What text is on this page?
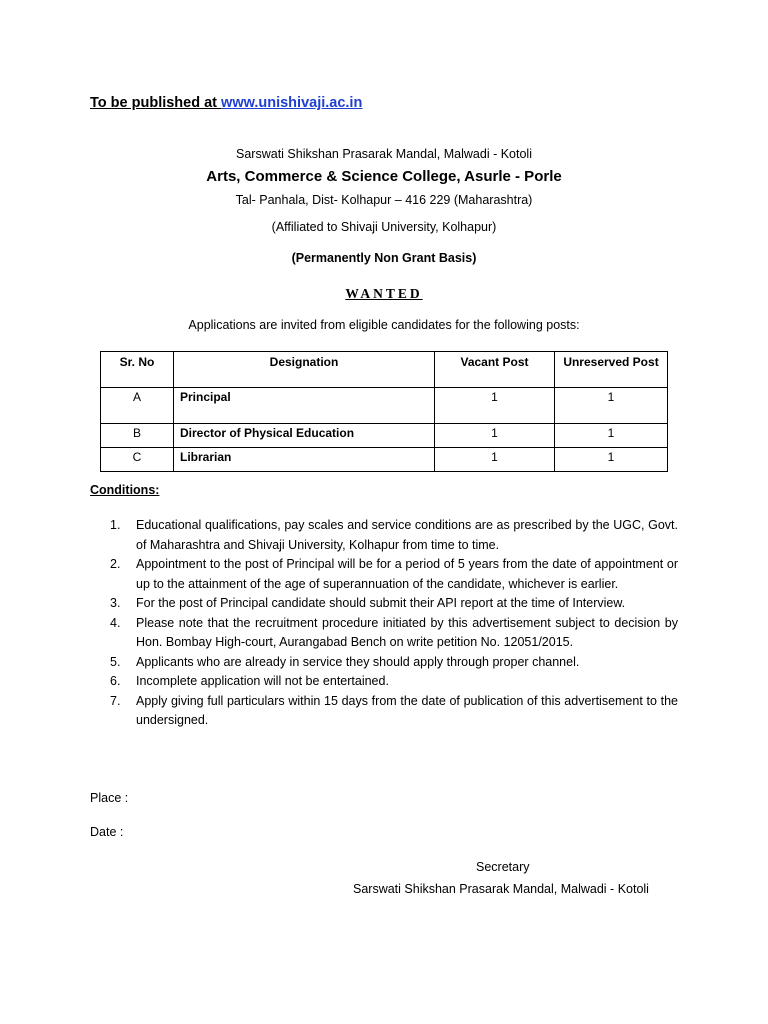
To be published at www.unishivaji.ac.in
Sarswati Shikshan Prasarak Mandal, Malwadi - Kotoli
Arts, Commerce & Science College, Asurle - Porle
Tal- Panhala, Dist- Kolhapur – 416 229 (Maharashtra)
(Affiliated to Shivaji University, Kolhapur)
(Permanently Non Grant Basis)
WANTED
Applications are invited from eligible candidates for the following posts:
Sr. No	Designation	Vacant Post	Unreserved Post
A	Principal	1	1
B	Director of Physical Education	1	1
C	Librarian	1	1
Conditions:
1. Educational qualifications, pay scales and service conditions are as prescribed by the UGC, Govt. of Maharashtra and Shivaji University, Kolhapur from time to time.
2. Appointment to the post of Principal will be for a period of 5 years from the date of appointment or up to the attainment of the age of superannuation of the candidate, whichever is earlier.
3. For the post of Principal candidate should submit their API report at the time of Interview.
4. Please note that the recruitment procedure initiated by this advertisement subject to decision by Hon. Bombay High-court, Aurangabad Bench on write petition No. 12051/2015.
5. Applicants who are already in service they should apply through proper channel.
6. Incomplete application will not be entertained.
7. Apply giving full particulars within 15 days from the date of publication of this advertisement to the undersigned.
Place :
Date :
Secretary
Sarswati Shikshan Prasarak Mandal, Malwadi - Kotoli
